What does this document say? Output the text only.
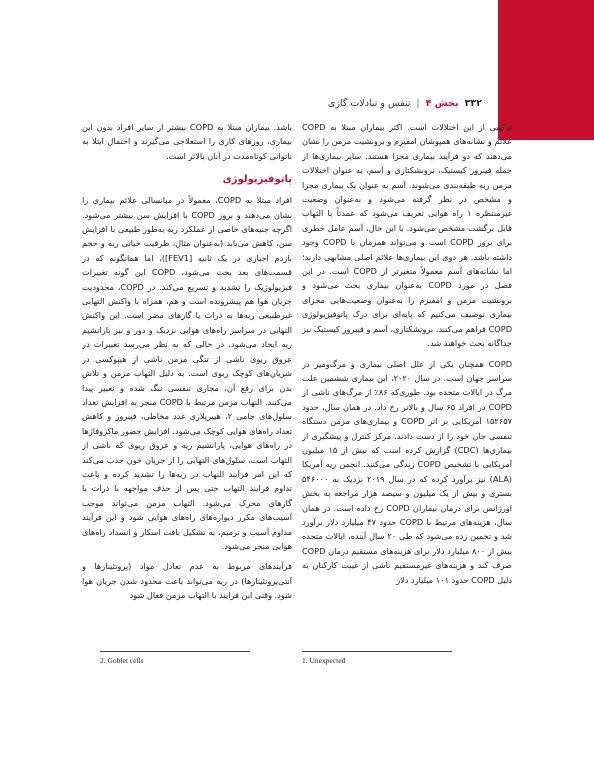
۳۳۲
بخش ۴
|
تنفس و تبادلات گازی

ترکیبی از این اختلالات است. اکثر بیماران مبتلا به COPD علائم و نشانه‌های همپوشان امفیزم و برونشیت مزمن را نشان می‌دهند که دو فرآیند بیماری مجزا هستند. سایر بیماری‌ها از جمله فیبروز کیستیک، برونشکتازی و آسم، به عنوان اختلالات مزمن ریه طبقه‌بندی می‌شوند. آسم به عنوان یک بیماری مجزا و مشخص در نظر گرفته می‌شود و به‌عنوان وضعیت غیرمنتظره ۱ راه هوایی تعریف می‌شود که عمدتاً با التهاب قابل برگشت مشخص می‌شود. با این حال، آسم عامل خطری برای بروز COPD است و می‌تواند همزمان با COPD وجود داشته باشد. هر دوی این بیماری‌ها علائم اصلی مشابهی دارند؛ اما نشانه‌های آسم معمولاً متغیرتر از COPD است. در این فصل در مورد COPD به‌عنوان بیماری بحث می‌شود و برونشیت مزمن و امفیزم را به‌عنوان وضعیت‌هایی مجزای بیماری توصیف می‌کنیم که پایه‌ای برای درک پاتوفیزیولوژی COPD فراهم می‌کنند. برونشکتازی، آسم و فیبروز کیستیک نیز جداگانه بحث خواهند شد.

COPD همچنان یکی از علل اصلی بیماری و مرگ‌ومیر در سراسر جهان است. در سال ۲۰۲۰، این بیماری ششمین علت مرگ در ایالات متحده بود. طوری‌که ۸۶٪ از مرگ‌های ناشی از COPD در افراد ۶۵ سال و بالاتر رخ داد. در همان سال، حدود ۱۵۲۶۵۷ آمریکایی بر اثر COPD و بیماری‌های مزمن دستگاه تنفسی جان خود را از دست دادند. مرکز کنترل و پیشگیری از بیماری‌ها (CDC) گزارش کرده است که بیش از ۱۵ میلیون آمریکایی با تشخیص COPD زندگی می‌کنند. انجمن ریه آمریکا (ALA) نیز برآورد کرده که در سال ۲۰۱۹ نزدیک به ۵۴۶۰۰۰ بستری و بیش از یک میلیون و سیصد هزار مراجعه به بخش اورژانس برای درمان بیماران COPD رخ داده است. در همان سال، هزینه‌های مرتبط با COPD حدود ۴۷ میلیارد دلار برآورد شد و تخمین زده می‌شود که طی ۲۰ سال آینده، ایالات متحده بیش از ۸۰۰ میلیارد دلار برای هزینه‌های مستقیم درمان COPD صرف کند و هزینه‌های غیرمستقیم ناشی از غیبت کارکنان به دلیل COPD حدود ۱۰۱ میلیارد دلار

باشد. بیماران مبتلا به COPD بیشتر از سایر افراد بدون این بیماری، روزهای کاری را استعلاجی می‌گیرند و احتمال ابتلا به ناتوانی کوتاه‌مدت در آنان بالاتر است.

پاتوفیزیولوژی

افراد مبتلا به COPD، معمولاً در میانسالی علائم بیماری را نشان می‌دهند و بروز COPD با افزایش سن بیشتر می‌شود. اگرچه جنبه‌های خاصی از عملکرد ریه به‌طور طبیعی با افزایش سن، کاهش می‌یابد (به‌عنوان مثال، ظرفیت حیاتی ریه و حجم بازدم اجباری در یک ثانیه [FEV1])، اما همانگونه که در قسمت‌های بعد بحث می‌شود، COPD این گونه تغییرات فیزیولوژیک را تشدید و تسریع می‌کند. در COPD، محدودیت جریان هوا هم پیشرونده است و هم، همراه با واکنش التهابی غیرطبیعی ریه‌ها به ذرات یا گازهای مضر است. این واکنش التهابی در سراسر راه‌های هوایی نزدیک و دور و نیز پارانشیم ریه ایجاد می‌شود. در حالی که به نظر می‌رسد تغییرات در عروق ریوی ناشی از تنگی مزمن ناشی از هیپوکسی در شریان‌های کوچک ریوی است. به دلیل التهاب مزمن و تلاش بدن برای رفع آن، مجاری تنفسی تنگ شده و تغییر پیدا می‌کنند. التهاب مزمن مرتبط با COPD منجر به افزایش تعداد سلول‌های جامی ۲، هیپرپلازی غدد مخاطی، فیبروز و کاهش تعداد راه‌های هوایی کوچک می‌شود. افزایش حضور ماکروفاژها در راه‌های هوایی، پارانشیم ریه و عروق ریوی که ناشی از التهاب است، سلول‌های التهابی را از جریان خون جذب می‌کند که این امر فرآیند التهاب در ریه‌ها را تشدید کرده و باعث تداوم فرایند التهاب حتی پس از حذف مواجهه با ذرات یا گازهای محرک می‌شود. التهاب مزمن می‌تواند موجب آسیب‌های مکرر دیواره‌های راه‌های هوایی شود و این فرآیند مداوم آسیب و ترمیم، به تشکیل بافت اسکار و انسداد راه‌های هوایی منجر می‌شود.

فرآیندهای مربوط به عدم تعادل مواد (پروتئینازها و آنتی‌پروتئینازها) در ریه می‌تواند باعث محدود شدن جریان هوا شود. وقتی این فرایند با التهاب مزمن فعال شود

2. Goblet cells	1. Unexpected
